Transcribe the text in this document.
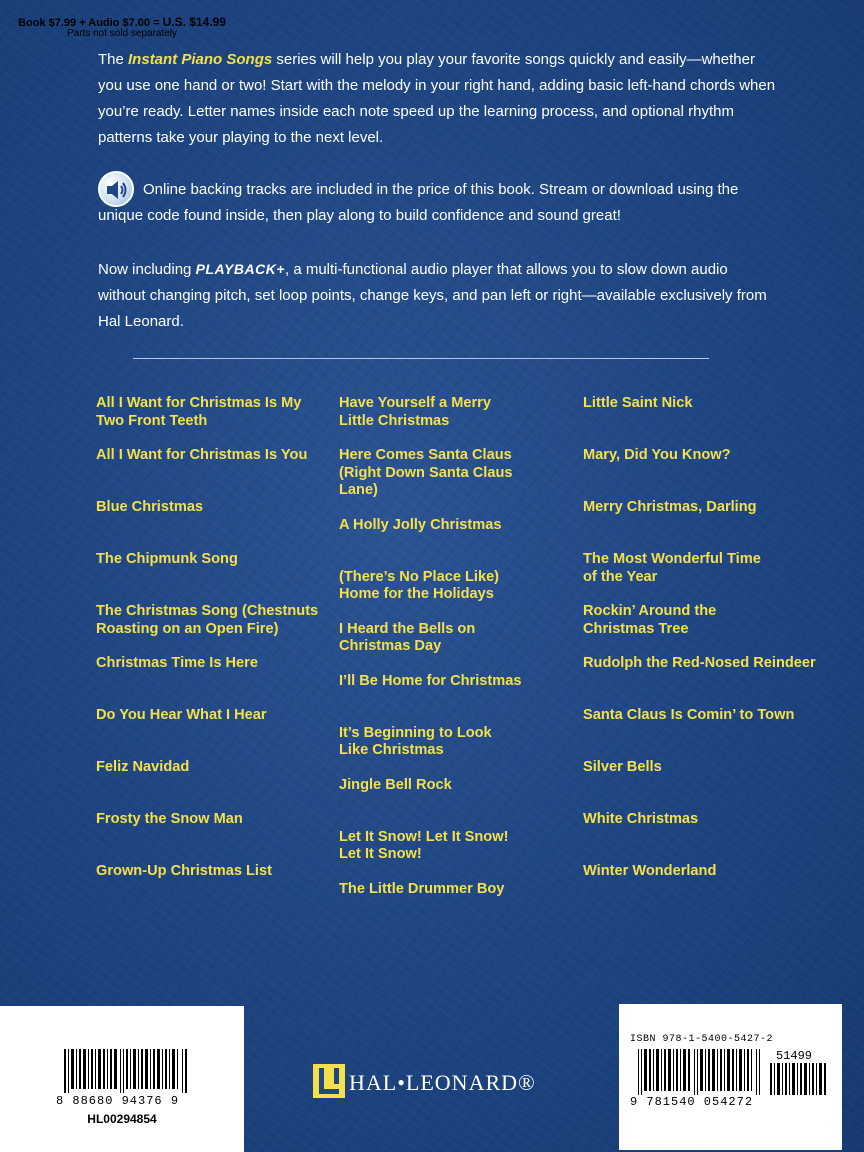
The Instant Piano Songs series will help you play your favorite songs quickly and easily—whether you use one hand or two! Start with the melody in your right hand, adding basic left-hand chords when you’re ready. Letter names inside each note speed up the learning process, and optional rhythm patterns take your playing to the next level.

Online backing tracks are included in the price of this book. Stream or download using the unique code found inside, then play along to build confidence and sound great!

Now including PLAYBACK+, a multi-functional audio player that allows you to slow down audio without changing pitch, set loop points, change keys, and pan left or right—available exclusively from Hal Leonard.

All I Want for Christmas Is My Two Front Teeth
All I Want for Christmas Is You
Blue Christmas
The Chipmunk Song
The Christmas Song (Chestnuts Roasting on an Open Fire)
Christmas Time Is Here
Do You Hear What I Hear
Feliz Navidad
Frosty the Snow Man
Grown-Up Christmas List
Have Yourself a Merry Little Christmas
Here Comes Santa Claus (Right Down Santa Claus Lane)
A Holly Jolly Christmas
(There’s No Place Like) Home for the Holidays
I Heard the Bells on Christmas Day
I’ll Be Home for Christmas
It’s Beginning to Look Like Christmas
Jingle Bell Rock
Let It Snow! Let It Snow! Let It Snow!
The Little Drummer Boy
Little Saint Nick
Mary, Did You Know?
Merry Christmas, Darling
The Most Wonderful Time of the Year
Rockin’ Around the Christmas Tree
Rudolph the Red-Nosed Reindeer
Santa Claus Is Comin’ to Town
Silver Bells
White Christmas
Winter Wonderland
Book $7.99 + Audio $7.00 = U.S. $14.99
Parts not sold separately
8 88680 94376 9
HL00294854
HAL•LEONARD®
ISBN 978-1-5400-5427-2
51499
9 781540 054272
